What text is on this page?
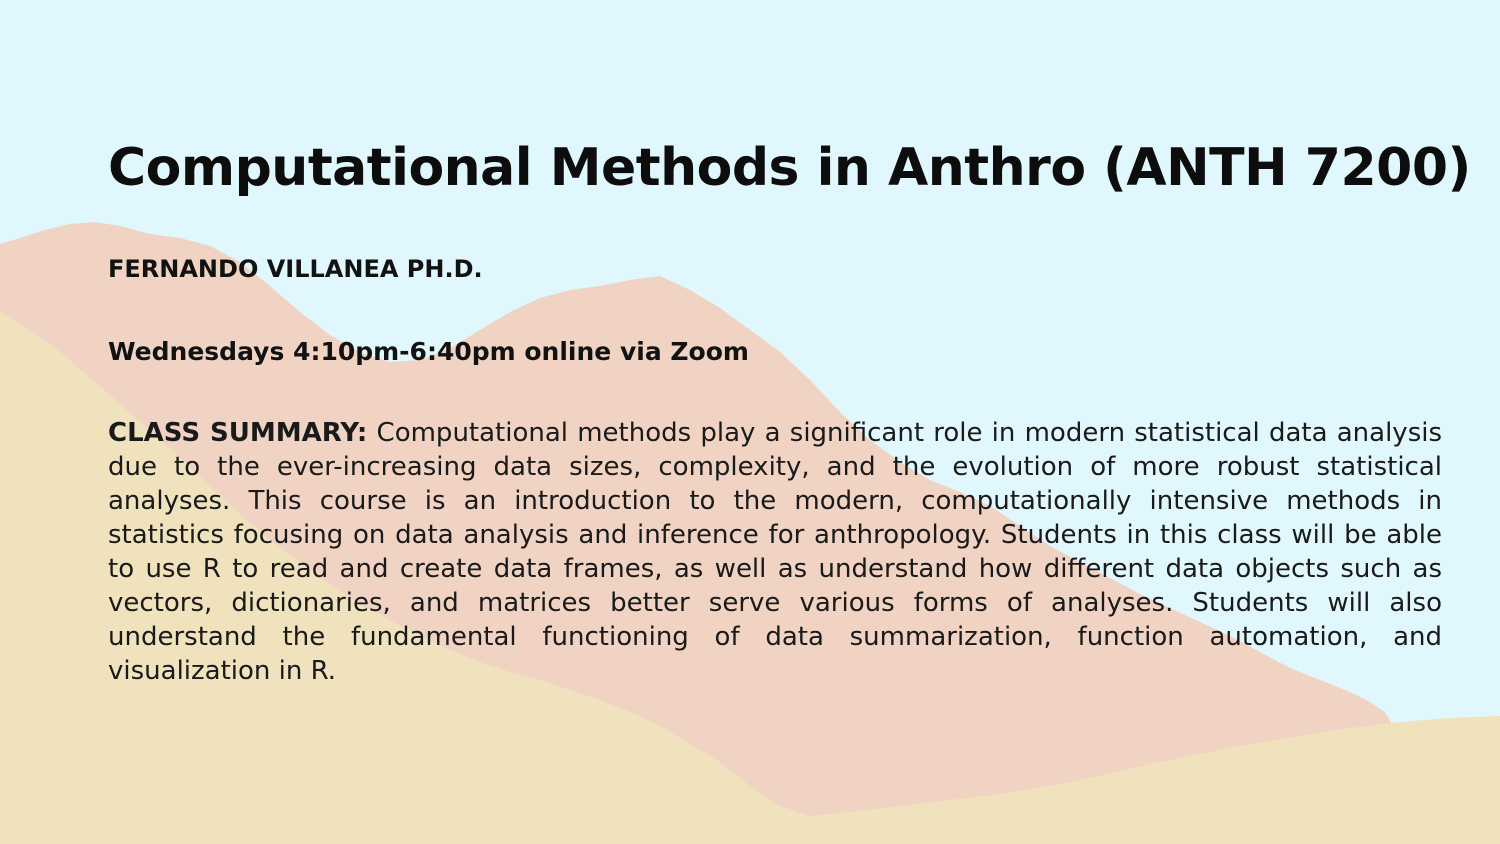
Computational Methods in Anthro (ANTH 7200)

FERNANDO VILLANEA PH.D.

Wednesdays 4:10pm-6:40pm online via Zoom

CLASS SUMMARY: Computational methods play a significant role in modern statistical data analysis due to the ever-increasing data sizes, complexity, and the evolution of more robust statistical analyses. This course is an introduction to the modern, computationally intensive methods in statistics focusing on data analysis and inference for anthropology. Students in this class will be able to use R to read and create data frames, as well as understand how different data objects such as vectors, dictionaries, and matrices better serve various forms of analyses. Students will also understand the fundamental functioning of data summarization, function automation, and visualization in R.
